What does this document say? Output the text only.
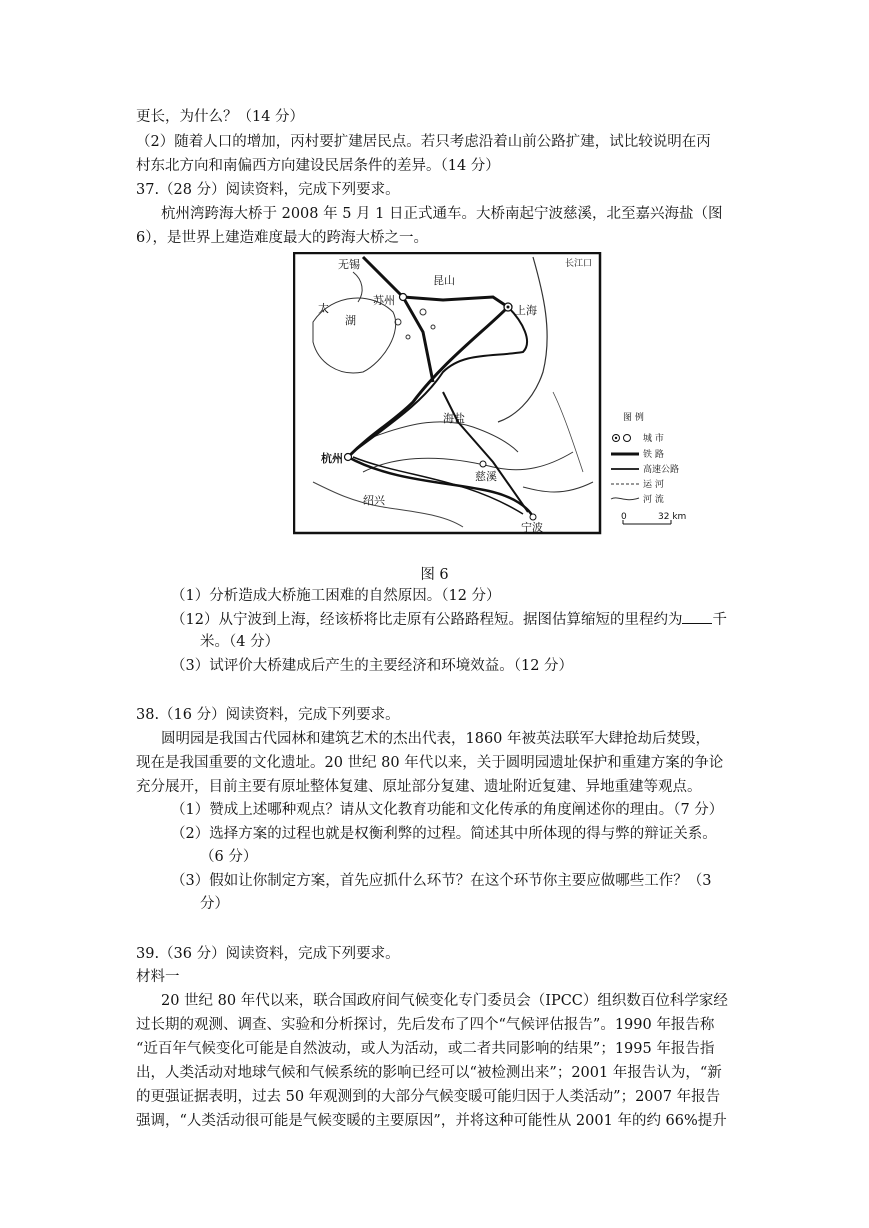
更长，为什么？（14 分）
（2）随着人口的增加，丙村要扩建居民点。若只考虑沿着山前公路扩建，试比较说明在丙
村东北方向和南偏西方向建设民居条件的差异。（14 分）
37.（28 分）阅读资料，完成下列要求。
杭州湾跨海大桥于 2008 年 5 月 1 日正式通车。大桥南起宁波慈溪，北至嘉兴海盐（图
6），是世界上建造难度最大的跨海大桥之一。
无锡
苏州
昆山
长江口
太
湖
上海
海盐
杭州
绍兴
慈溪
宁波
图 例
城 市
铁 路
高速公路
运 河
河 流
0	32 km
图 6
（1）分析造成大桥施工困难的自然原因。（12 分）
（12）从宁波到上海，经该桥将比走原有公路路程短。据图估算缩短的里程约为 千
米。（4 分）
（3）试评价大桥建成后产生的主要经济和环境效益。（12 分）
38.（16 分）阅读资料，完成下列要求。
圆明园是我国古代园林和建筑艺术的杰出代表，1860 年被英法联军大肆抢劫后焚毁，
现在是我国重要的文化遗址。20 世纪 80 年代以来，关于圆明园遗址保护和重建方案的争论
充分展开，目前主要有原址整体复建、原址部分复建、遗址附近复建、异地重建等观点。
（1）赞成上述哪种观点？请从文化教育功能和文化传承的角度阐述你的理由。（7 分）
（2）选择方案的过程也就是权衡利弊的过程。简述其中所体现的得与弊的辩证关系。
（6 分）
（3）假如让你制定方案，首先应抓什么环节？在这个环节你主要应做哪些工作？（3
分）
39.（36 分）阅读资料，完成下列要求。
材料一
20 世纪 80 年代以来，联合国政府间气候变化专门委员会（IPCC）组织数百位科学家经
过长期的观测、调查、实验和分析探讨，先后发布了四个“气候评估报告”。1990 年报告称
“近百年气候变化可能是自然波动，或人为活动，或二者共同影响的结果”；1995 年报告指
出，人类活动对地球气候和气候系统的影响已经可以“被检测出来”；2001 年报告认为，“新
的更强证据表明，过去 50 年观测到的大部分气候变暖可能归因于人类活动”；2007 年报告
强调，“人类活动很可能是气候变暖的主要原因”，并将这种可能性从 2001 年的约 66%提升
